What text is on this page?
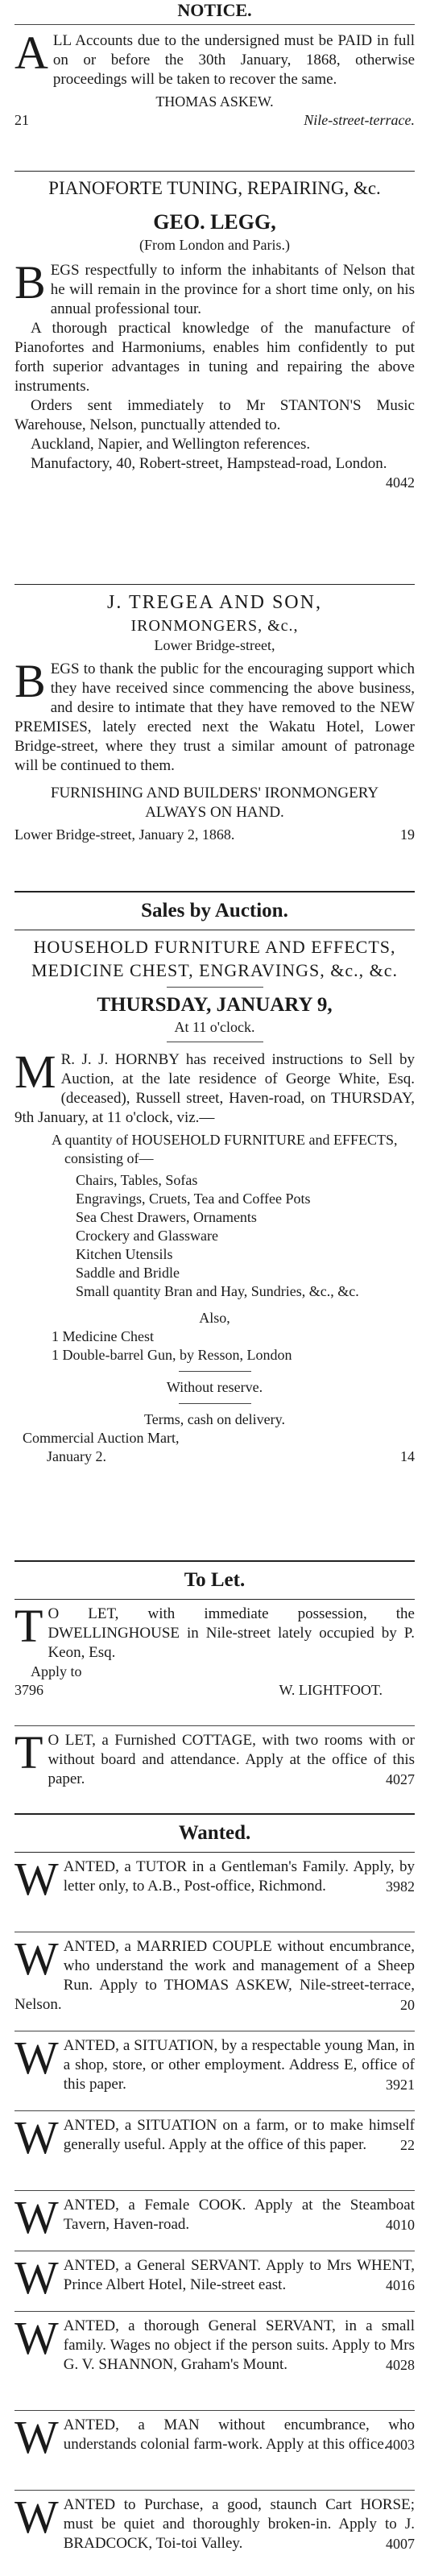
NOTICE.

ALL Accounts due to the undersigned must be PAID in full on or before the 30th January, 1868, otherwise proceedings will be taken to recover the same.

THOMAS ASKEW.

21	Nile-street-terrace.
PIANOFORTE TUNING, REPAIRING, &c.
GEO. LEGG,
(From London and Paris.)

BEGS respectfully to inform the inhabitants of Nelson that he will remain in the province for a short time only, on his annual professional tour.

A thorough practical knowledge of the manufacture of Pianofortes and Harmoniums, enables him confidently to put forth superior advantages in tuning and repairing the above instruments.

Orders sent immediately to Mr STANTON'S Music Warehouse, Nelson, punctually attended to.

Auckland, Napier, and Wellington references.

Manufactory, 40, Robert-street, Hampstead-road, London.

4042
J. TREGEA AND SON,
IRONMONGERS, &c.,
Lower Bridge-street,

BEGS to thank the public for the encouraging support which they have received since commencing the above business, and desire to intimate that they have removed to the NEW PREMISES, lately erected next the Wakatu Hotel, Lower Bridge-street, where they trust a similar amount of patronage will be continued to them.

FURNISHING AND BUILDERS' IRONMONGERY ALWAYS ON HAND.

Lower Bridge-street, January 2, 1868.	19
Sales by Auction.
HOUSEHOLD FURNITURE AND EFFECTS, MEDICINE CHEST, ENGRAVINGS, &c., &c.
THURSDAY, JANUARY 9,
At 11 o'clock.

M R. J. J. HORNBY has received instructions to Sell by Auction, at the late residence of George White, Esq. (deceased), Russell street, Haven-road, on THURSDAY, 9th January, at 11 o'clock, viz.—

A quantity of HOUSEHOLD FURNITURE and EFFECTS, consisting of—

Chairs, Tables, Sofas

Engravings, Cruets, Tea and Coffee Pots

Sea Chest Drawers, Ornaments

Crockery and Glassware

Kitchen Utensils

Saddle and Bridle

Small quantity Bran and Hay, Sundries, &c., &c.

Also,

1 Medicine Chest

1 Double-barrel Gun, by Resson, London

Without reserve.

Terms, cash on delivery.

Commercial Auction Mart,

January 2.	14
To Let.

T O LET, with immediate possession, the DWELLINGHOUSE in Nile-street lately occupied by P. Keon, Esq.

Apply to

3796	W. LIGHTFOOT.

T O LET, a Furnished COTTAGE, with two rooms with or without board and attendance. Apply at the office of this paper.	4027
Wanted.

WANTED, a TUTOR in a Gentleman's Family. Apply, by letter only, to A.B., Post-office, Richmond.	3982

WANTED, a MARRIED COUPLE without encumbrance, who understand the work and management of a Sheep Run. Apply to THOMAS ASKEW, Nile-street-terrace, Nelson.	20

WANTED, a SITUATION, by a respectable young Man, in a shop, store, or other employment. Address E, office of this paper.	3921

WANTED, a SITUATION on a farm, or to make himself generally useful. Apply at the office of this paper.	22

WANTED, a Female COOK. Apply at the Steamboat Tavern, Haven-road.	4010

WANTED, a General SERVANT. Apply to Mrs WHENT, Prince Albert Hotel, Nile-street east.	4016

WANTED, a thorough General SERVANT, in a small family. Wages no object if the person suits. Apply to Mrs G. V. SHANNON, Graham's Mount.	4028

WANTED, a MAN without encumbrance, who understands colonial farm-work. Apply at this office.

4003

WANTED to Purchase, a good, staunch Cart HORSE; must be quiet and thoroughly broken-in. Apply to J. BRADCOCK, Toi-toi Valley.	4007
